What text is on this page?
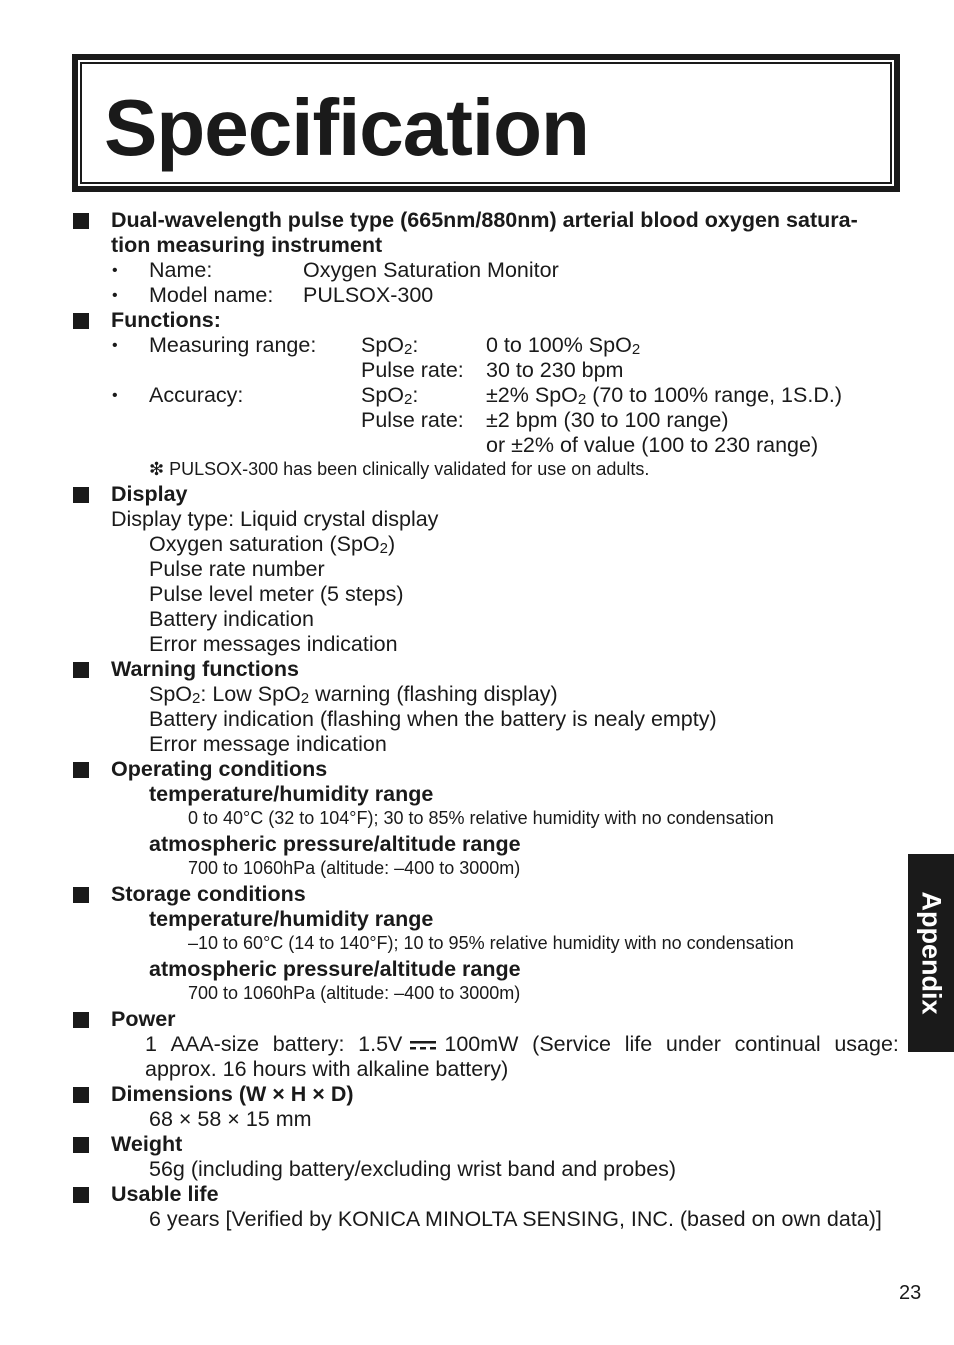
Specification
Dual-wavelength pulse type (665nm/880nm) arterial blood oxygen satura-
tion measuring instrument
• Name:	Oxygen Saturation Monitor
• Model name: PULSOX-300
Functions:
• Measuring range: SpO$_2$:	0 to 100% SpO$_2$
Pulse rate: 30 to 230 bpm
• Accuracy:	SpO$_2$:	±2% SpO$_2$ (70 to 100% range, 1S.D.)
Pulse rate: ±2 bpm (30 to 100 range)
or ±2% of value (100 to 230 range)
❇ PULSOX-300 has been clinically validated for use on adults.
Display
Display type: Liquid crystal display
Oxygen saturation (SpO$_2$)
Pulse rate number
Pulse level meter (5 steps)
Battery indication
Error messages indication
Warning functions
SpO$_2$: Low SpO$_2$ warning (flashing display)
Battery indication (flashing when the battery is nealy empty)
Error message indication
Operating conditions
temperature/humidity range
0 to 40°C (32 to 104°F); 30 to 85% relative humidity with no condensation
atmospheric pressure/altitude range
700 to 1060hPa (altitude: –400 to 3000m)
Storage conditions
temperature/humidity range
–10 to 60°C (14 to 140°F); 10 to 95% relative humidity with no condensation
atmospheric pressure/altitude range
700 to 1060hPa (altitude: –400 to 3000m)
Power
1 AAA-size battery: 1.5V 100mW (Service life under continual usage:
approx. 16 hours with alkaline battery)
Dimensions (W × H × D)
68 × 58 × 15 mm
Weight
56g (including battery/excluding wrist band and probes)
Usable life
6 years [Verified by KONICA MINOLTA SENSING, INC. (based on own data)]
Appendix
23
